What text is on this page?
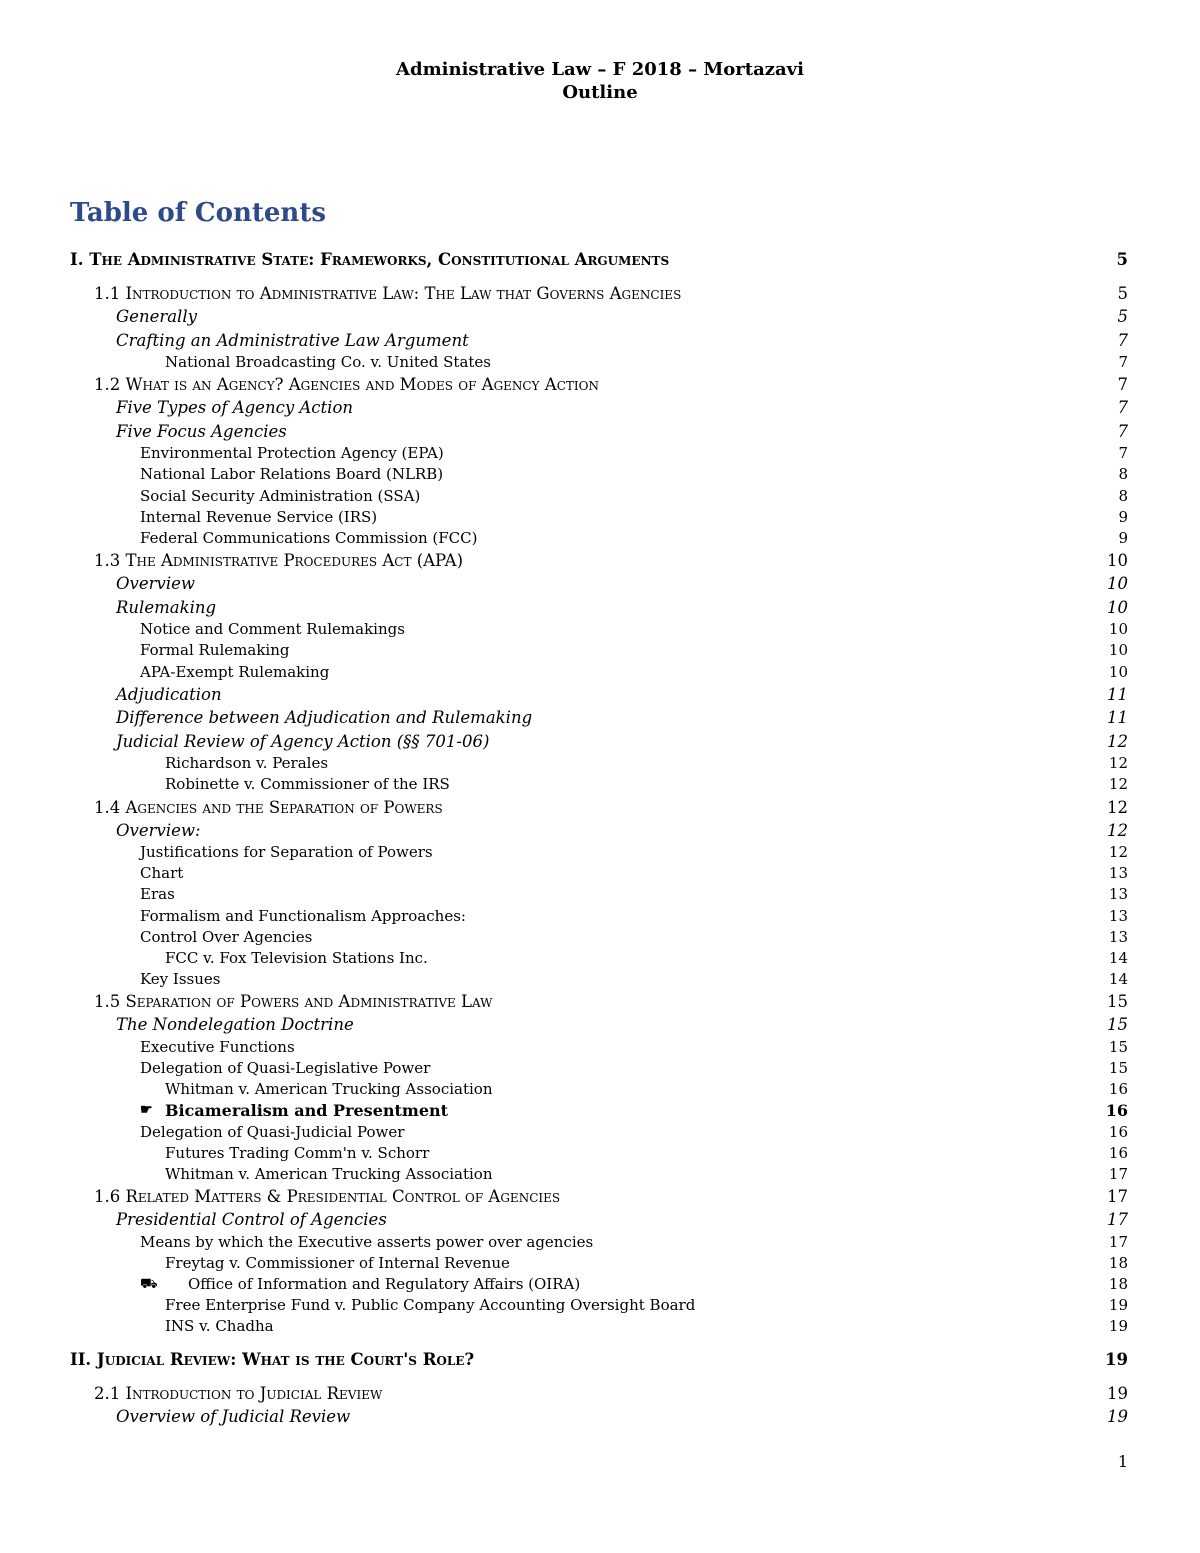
Administrative Law – F 2018 – Mortazavi
Outline
Table of Contents
I. The Administrative State: Frameworks, Constitutional Arguments	5
1.1 Introduction to Administrative Law: The Law that Governs Agencies	5
Generally	5
Crafting an Administrative Law Argument	7
National Broadcasting Co. v. United States	7
1.2 What is an Agency? Agencies and Modes of Agency Action	7
Five Types of Agency Action	7
Five Focus Agencies	7
Environmental Protection Agency (EPA)	7
National Labor Relations Board (NLRB)	8
Social Security Administration (SSA)	8
Internal Revenue Service (IRS)	9
Federal Communications Commission (FCC)	9
1.3 The Administrative Procedures Act (APA)	10
Overview	10
Rulemaking	10
Notice and Comment Rulemakings	10
Formal Rulemaking	10
APA-Exempt Rulemaking	10
Adjudication	11
Difference between Adjudication and Rulemaking	11
Judicial Review of Agency Action (§§ 701-06)	12
Richardson v. Perales	12
Robinette v. Commissioner of the IRS	12
1.4 Agencies and the Separation of Powers	12
Overview:	12
Justifications for Separation of Powers	12
Chart	13
Eras	13
Formalism and Functionalism Approaches:	13
Control Over Agencies	13
FCC v. Fox Television Stations Inc.	14
Key Issues	14
1.5 Separation of Powers and Administrative Law	15
The Nondelegation Doctrine	15
Executive Functions	15
Delegation of Quasi-Legislative Power	15
Whitman v. American Trucking Association	16
☛ Bicameralism and Presentment	16
Delegation of Quasi-Judicial Power	16
Futures Trading Comm'n v. Schorr	16
Whitman v. American Trucking Association	17
1.6 Related Matters & Presidential Control of Agencies	17
Presidential Control of Agencies	17
Means by which the Executive asserts power over agencies	17
Freytag v. Commissioner of Internal Revenue	18
⛟ Office of Information and Regulatory Affairs (OIRA)	18
Free Enterprise Fund v. Public Company Accounting Oversight Board	19
INS v. Chadha	19
II. Judicial Review: What is the Court's Role?	19
2.1 Introduction to Judicial Review	19
Overview of Judicial Review	19
1
